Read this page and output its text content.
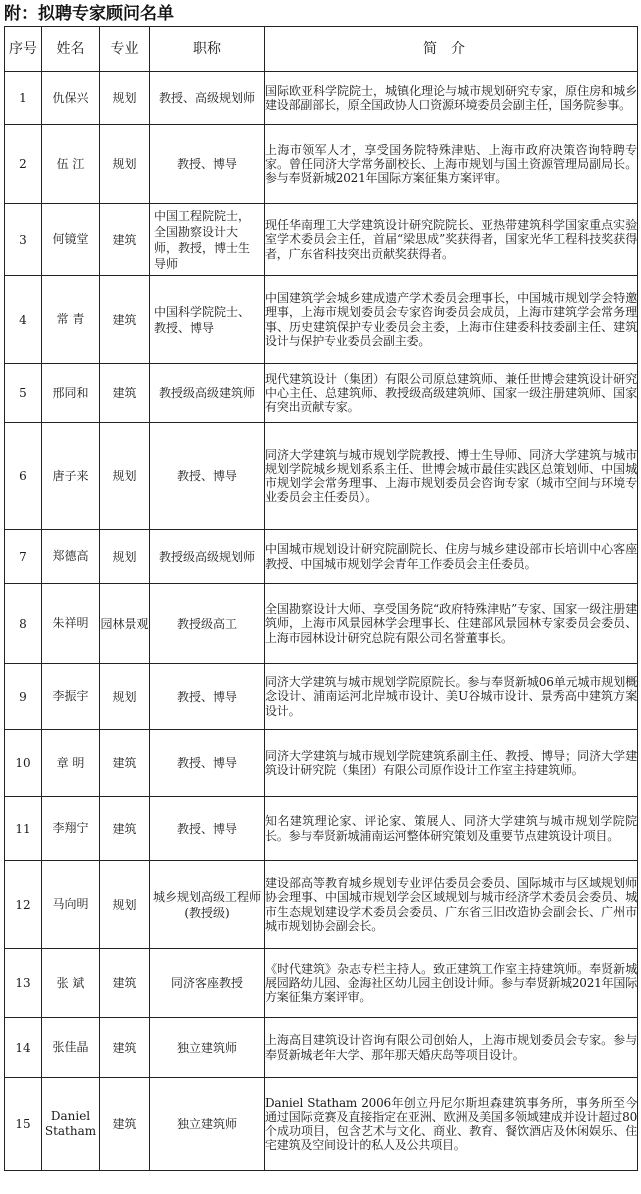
附：拟聘专家顾问名单
序号	姓名	专业	职称	简介
1	仇保兴	规划	教授、高级规划师	国际欧亚科学院院士，城镇化理论与城市规划研究专家，原住房和城乡建设部副部长，原全国政协人口资源环境委员会副主任，国务院参事。
2	伍 江	规划	教授、博导	上海市领军人才，享受国务院特殊津贴、上海市政府决策咨询特聘专家。曾任同济大学常务副校长、上海市规划与国土资源管理局副局长。参与奉贤新城2021年国际方案征集方案评审。
3	何镜堂	建筑	中国工程院院士，全国勘察设计大师，教授，博士生导师	现任华南理工大学建筑设计研究院院长、亚热带建筑科学国家重点实验室学术委员会主任，首届“梁思成”奖获得者，国家光华工程科技奖获得者，广东省科技突出贡献奖获得者。
4	常 青	建筑	中国科学院院士、教授、博导	中国建筑学会城乡建成遗产学术委员会理事长，中国城市规划学会特邀理事，上海市规划委员会专家咨询委员会成员，上海市建筑学会常务理事、历史建筑保护专业委员会主委，上海市住建委科技委副主任、建筑设计与保护专业委员会副主委。
5	邢同和	建筑	教授级高级建筑师	现代建筑设计（集团）有限公司原总建筑师、兼任世博会建筑设计研究中心主任、总建筑师、教授级高级建筑师、国家一级注册建筑师、国家有突出贡献专家。
6	唐子来	规划	教授、博导	同济大学建筑与城市规划学院教授、博士生导师、同济大学建筑与城市规划学院城乡规划系系主任、世博会城市最佳实践区总策划师、中国城市规划学会常务理事、上海市规划委员会咨询专家（城市空间与环境专业委员会主任委员）。
7	郑德高	规划	教授级高级规划师	中国城市规划设计研究院副院长、住房与城乡建设部市长培训中心客座教授、中国城市规划学会青年工作委员会主任委员。
8	朱祥明	园林景观	教授级高工	全国勘察设计大师、享受国务院“政府特殊津贴”专家、国家一级注册建筑师，上海市风景园林学会理事长、住建部风景园林专家委员会委员、上海市园林设计研究总院有限公司名誉董事长。
9	李振宇	规划	教授、博导	同济大学建筑与城市规划学院原院长。参与奉贤新城06单元城市规划概念设计、浦南运河北岸城市设计、美U谷城市设计、景秀高中建筑方案设计。
10	章 明	建筑	教授、博导	同济大学建筑与城市规划学院建筑系副主任、教授、博导；同济大学建筑设计研究院（集团）有限公司原作设计工作室主持建筑师。
11	李翔宁	建筑	教授、博导	知名建筑理论家、评论家、策展人、同济大学建筑与城市规划学院院长。参与奉贤新城浦南运河整体研究策划及重要节点建筑设计项目。
12	马向明	规划	城乡规划高级工程师(教授级)	建设部高等教育城乡规划专业评估委员会委员、国际城市与区域规划师协会理事、中国城市规划学会区域规划与城市经济学术委员会委员、城市生态规划建设学术委员会委员、广东省三旧改造协会副会长、广州市城市规划协会副会长。
13	张 斌	建筑	同济客座教授	《时代建筑》杂志专栏主持人。致正建筑工作室主持建筑师。奉贤新城展园路幼儿园、金海社区幼儿园主创设计师。参与奉贤新城2021年国际方案征集方案评审。
14	张佳晶	建筑	独立建筑师	上海高目建筑设计咨询有限公司创始人，上海市规划委员会专家。参与奉贤新城老年大学、那年那天婚庆岛等项目设计。
15	Daniel Statham	建筑	独立建筑师	Daniel Statham 2006年创立丹尼尔斯坦森建筑事务所，事务所至今通过国际竞赛及直接指定在亚洲、欧洲及美国多领域建成并设计超过80个成功项目，包含艺术与文化、商业、教育、餐饮酒店及休闲娱乐、住宅建筑及空间设计的私人及公共项目。
